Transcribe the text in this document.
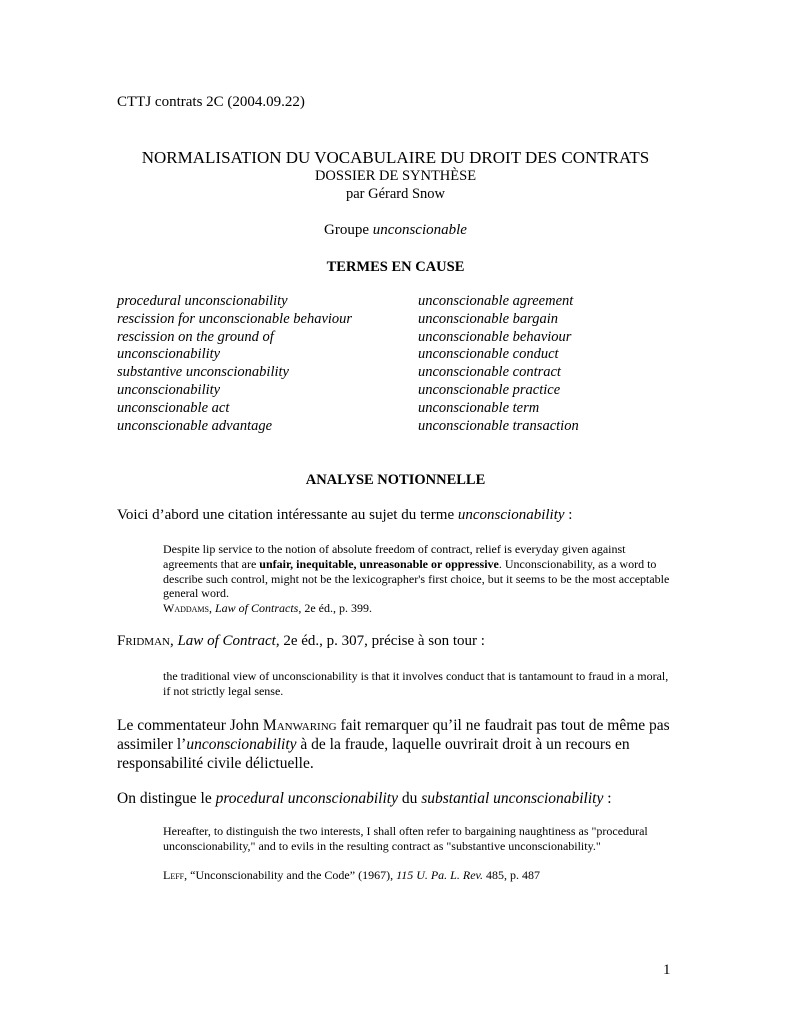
CTTJ contrats 2C (2004.09.22)
NORMALISATION DU VOCABULAIRE DU DROIT DES CONTRATS
DOSSIER DE SYNTHÈSE
par Gérard Snow
Groupe unconscionable
TERMES EN CAUSE
procedural unconscionability
rescission for unconscionable behaviour
rescission on the ground of
unconscionability
substantive unconscionability
unconscionability
unconscionable act
unconscionable advantage
unconscionable agreement
unconscionable bargain
unconscionable behaviour
unconscionable conduct
unconscionable contract
unconscionable practice
unconscionable term
unconscionable transaction
ANALYSE NOTIONNELLE
Voici d’abord une citation intéressante au sujet du terme unconscionability :
Despite lip service to the notion of absolute freedom of contract, relief is everyday given against agreements that are unfair, inequitable, unreasonable or oppressive. Unconscionability, as a word to describe such control, might not be the lexicographer's first choice, but it seems to be the most acceptable general word.
Waddams, Law of Contracts, 2e éd., p. 399.
Fridman, Law of Contract, 2e éd., p. 307, précise à son tour :
the traditional view of unconscionability is that it involves conduct that is tantamount to fraud in a moral, if not strictly legal sense.
Le commentateur John Manwaring fait remarquer qu’il ne faudrait pas tout de même pas assimiler l’unconscionability à de la fraude, laquelle ouvrirait droit à un recours en responsabilité civile délictuelle.
On distingue le procedural unconscionability du substantial unconscionability :
Hereafter, to distinguish the two interests, I shall often refer to bargaining naughtiness as "procedural unconscionability," and to evils in the resulting contract as "substantive unconscionability."
Leff, “Unconscionability and the Code” (1967), 115 U. Pa. L. Rev. 485, p. 487
1
